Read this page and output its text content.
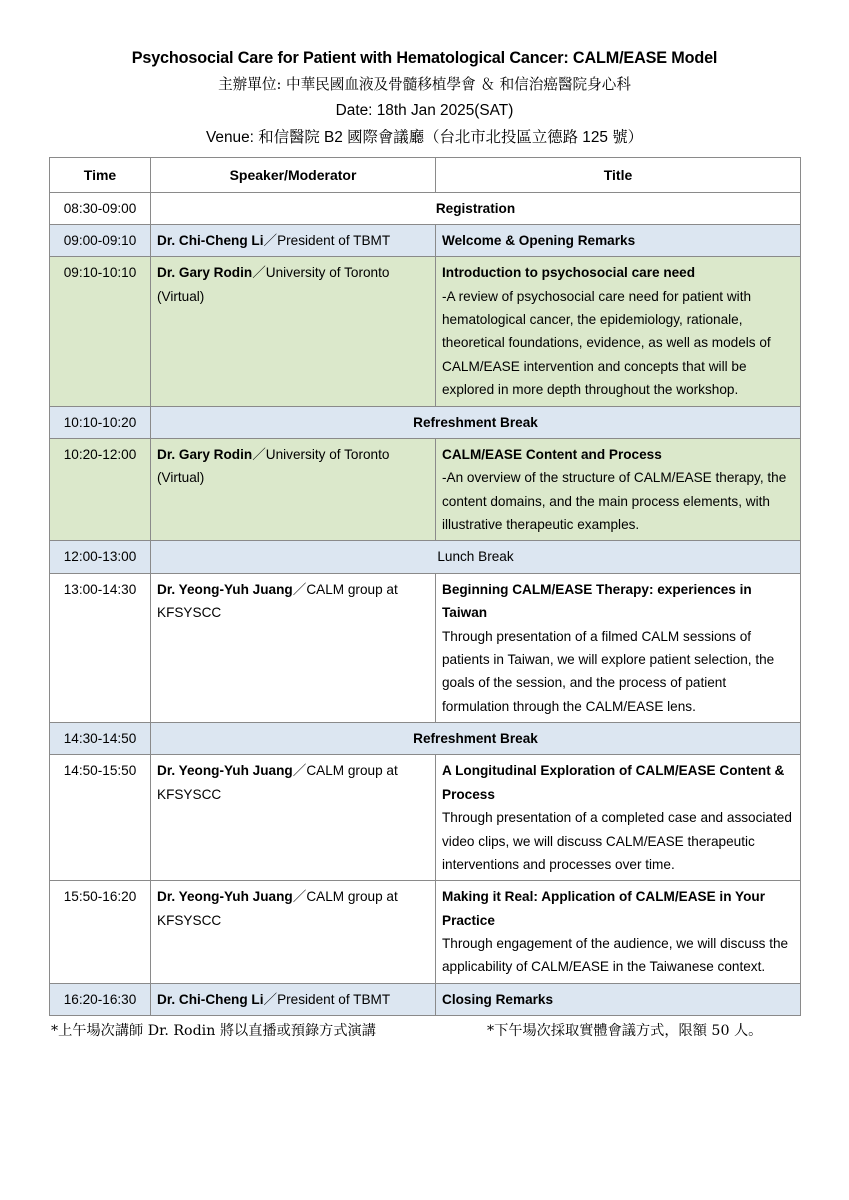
Psychosocial Care for Patient with Hematological Cancer: CALM/EASE Model
主辦單位: 中華民國血液及骨髓移植學會 ＆ 和信治癌醫院身心科
Date: 18th Jan 2025(SAT)
Venue: 和信醫院 B2 國際會議廳（台北市北投區立德路 125 號）
Time	Speaker/Moderator	Title
08:30-09:00	Registration	
09:00-09:10	Dr. Chi-Cheng Li／President of TBMT	Welcome & Opening Remarks

09:10-10:10	Dr. Gary Rodin／University of Toronto (Virtual)	Introduction to psychosocial care need
-A review of psychosocial care need for patient with hematological cancer, the epidemiology, rationale, theoretical foundations, evidence, as well as models of CALM/EASE intervention and concepts that will be explored in more depth throughout the workshop.

10:10-10:20	Refreshment Break	
10:20-12:00	Dr. Gary Rodin／University of Toronto (Virtual)	CALM/EASE Content and Process
-An overview of the structure of CALM/EASE therapy, the content domains, and the main process elements, with illustrative therapeutic examples.

12:00-13:00	Lunch Break	
13:00-14:30	Dr. Yeong-Yuh Juang／CALM group at KFSYSCC	Beginning CALM/EASE Therapy: experiences in Taiwan
Through presentation of a filmed CALM sessions of patients in Taiwan, we will explore patient selection, the goals of the session, and the process of patient formulation through the CALM/EASE lens.

14:30-14:50	Refreshment Break	
14:50-15:50	Dr. Yeong-Yuh Juang／CALM group at KFSYSCC	A Longitudinal Exploration of CALM/EASE Content & Process
Through presentation of a completed case and associated video clips, we will discuss CALM/EASE therapeutic interventions and processes over time.

15:50-16:20	Dr. Yeong-Yuh Juang／CALM group at KFSYSCC	Making it Real: Application of CALM/EASE in Your Practice
Through engagement of the audience, we will discuss the applicability of CALM/EASE in the Taiwanese context.

16:20-16:30	Dr. Chi-Cheng Li／President of TBMT	Closing Remarks
*上午場次講師 Dr. Rodin 將以直播或預錄方式演講	*下午場次採取實體會議方式，限額 50 人。
